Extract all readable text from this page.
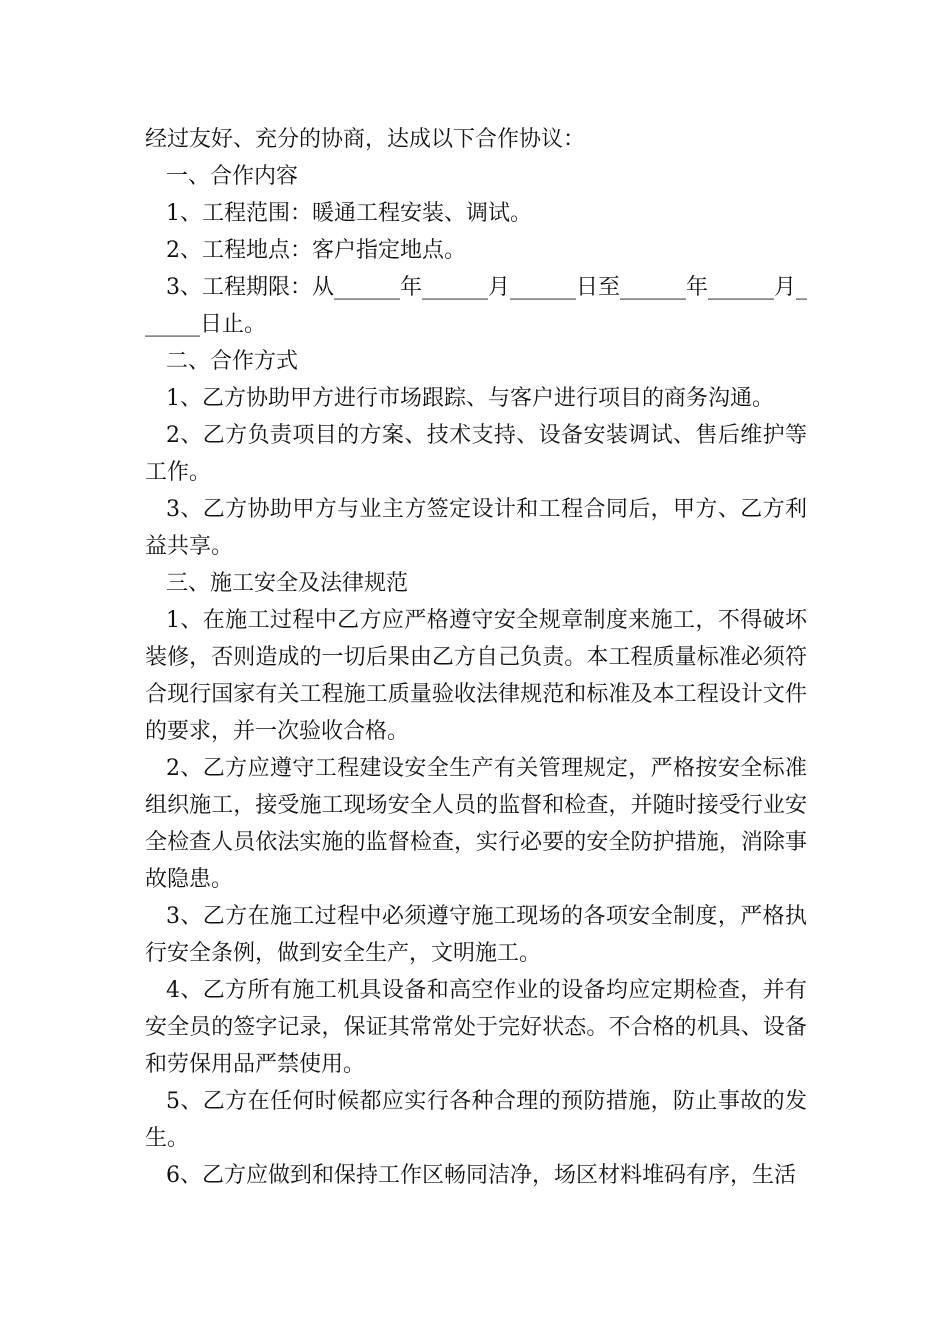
经过友好、充分的协商，达成以下合作协议：

一、合作内容

1、工程范围：暖通工程安装、调试。

2、工程地点：客户指定地点。

3、工程期限：从______年______月______日至______年______月______日止。

二、合作方式

1、乙方协助甲方进行市场跟踪、与客户进行项目的商务沟通。

2、乙方负责项目的方案、技术支持、设备安装调试、售后维护等工作。

3、乙方协助甲方与业主方签定设计和工程合同后，甲方、乙方利益共享。

三、施工安全及法律规范

1、在施工过程中乙方应严格遵守安全规章制度来施工，不得破坏装修，否则造成的一切后果由乙方自己负责。本工程质量标准必须符合现行国家有关工程施工质量验收法律规范和标准及本工程设计文件的要求，并一次验收合格。

2、乙方应遵守工程建设安全生产有关管理规定，严格按安全标准组织施工，接受施工现场安全人员的监督和检查，并随时接受行业安全检查人员依法实施的监督检查，实行必要的安全防护措施，消除事故隐患。

3、乙方在施工过程中必须遵守施工现场的各项安全制度，严格执行安全条例，做到安全生产，文明施工。

4、乙方所有施工机具设备和高空作业的设备均应定期检查，并有安全员的签字记录，保证其常常处于完好状态。不合格的机具、设备和劳保用品严禁使用。

5、乙方在任何时候都应实行各种合理的预防措施，防止事故的发生。

6、乙方应做到和保持工作区畅同洁净，场区材料堆码有序，生活
